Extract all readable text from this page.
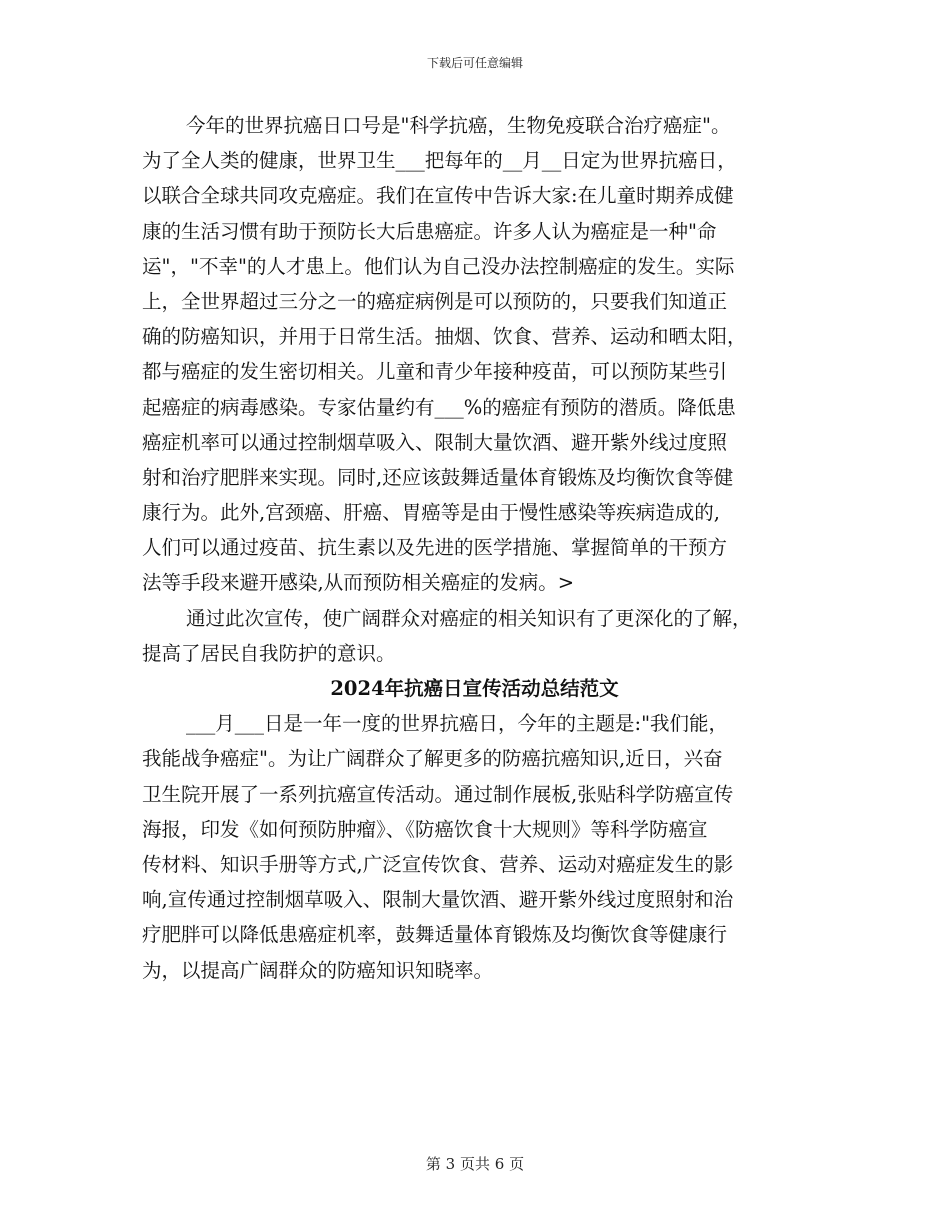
下载后可任意编辑
今年的世界抗癌日口号是"科学抗癌，生物免疫联合治疗癌症"。
为了全人类的健康，世界卫生___把每年的__月__日定为世界抗癌日，
以联合全球共同攻克癌症。我们在宣传中告诉大家:在儿童时期养成健
康的生活习惯有助于预防长大后患癌症。许多人认为癌症是一种"命
运"，"不幸"的人才患上。他们认为自己没办法控制癌症的发生。实际
上，全世界超过三分之一的癌症病例是可以预防的，只要我们知道正
确的防癌知识，并用于日常生活。抽烟、饮食、营养、运动和晒太阳，
都与癌症的发生密切相关。儿童和青少年接种疫苗，可以预防某些引
起癌症的病毒感染。专家估量约有___%的癌症有预防的潜质。降低患
癌症机率可以通过控制烟草吸入、限制大量饮酒、避开紫外线过度照
射和治疗肥胖来实现。同时,还应该鼓舞适量体育锻炼及均衡饮食等健
康行为。此外,宫颈癌、肝癌、胃癌等是由于慢性感染等疾病造成的,
人们可以通过疫苗、抗生素以及先进的医学措施、掌握简单的干预方
法等手段来避开感染,从而预防相关癌症的发病。>
通过此次宣传，使广阔群众对癌症的相关知识有了更深化的了解，
提高了居民自我防护的意识。
2024年抗癌日宣传活动总结范文
___月___日是一年一度的世界抗癌日，今年的主题是:"我们能，
我能战争癌症"。为让广阔群众了解更多的防癌抗癌知识,近日，兴奋
卫生院开展了一系列抗癌宣传活动。通过制作展板,张贴科学防癌宣传
海报，印发《如何预防肿瘤》、《防癌饮食十大规则》等科学防癌宣
传材料、知识手册等方式,广泛宣传饮食、营养、运动对癌症发生的影
响,宣传通过控制烟草吸入、限制大量饮酒、避开紫外线过度照射和治
疗肥胖可以降低患癌症机率，鼓舞适量体育锻炼及均衡饮食等健康行
为，以提高广阔群众的防癌知识知晓率。
第 3 页共 6 页
